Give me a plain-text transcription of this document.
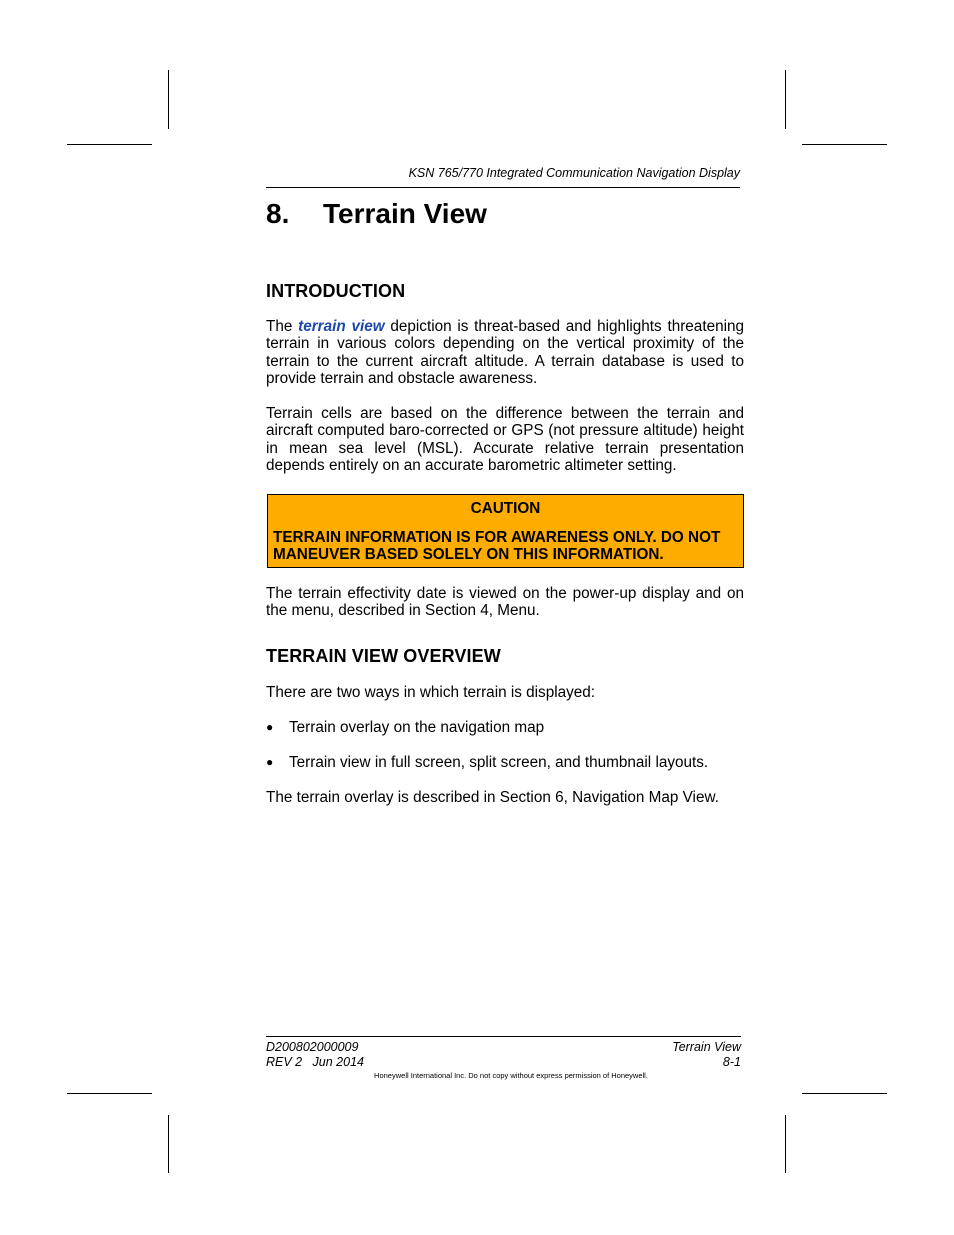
KSN 765/770 Integrated Communication Navigation Display
8. Terrain View
INTRODUCTION

The terrain view depiction is threat‐based and highlights threatening terrain in various colors depending on the vertical proximity of the terrain to the current aircraft altitude. A terrain database is used to provide terrain and obstacle awareness.

Terrain cells are based on the difference between the terrain and aircraft computed baro‐corrected or GPS (not pressure altitude) height in mean sea level (MSL). Accurate relative terrain presentation depends entirely on an accurate barometric altimeter setting.

CAUTION

TERRAIN INFORMATION IS FOR AWARENESS ONLY. DO NOT MANEUVER BASED SOLELY ON THIS INFORMATION.

The terrain effectivity date is viewed on the power‐up display and on the menu, described in Section 4, Menu.

TERRAIN VIEW OVERVIEW

There are two ways in which terrain is displayed:

● Terrain overlay on the navigation map
● Terrain view in full screen, split screen, and thumbnail layouts.

The terrain overlay is described in Section 6, Navigation Map View.

D200802000009
REV 2   Jun 2014
Terrain View
8-1
Honeywell International Inc. Do not copy without express permission of Honeywell.
